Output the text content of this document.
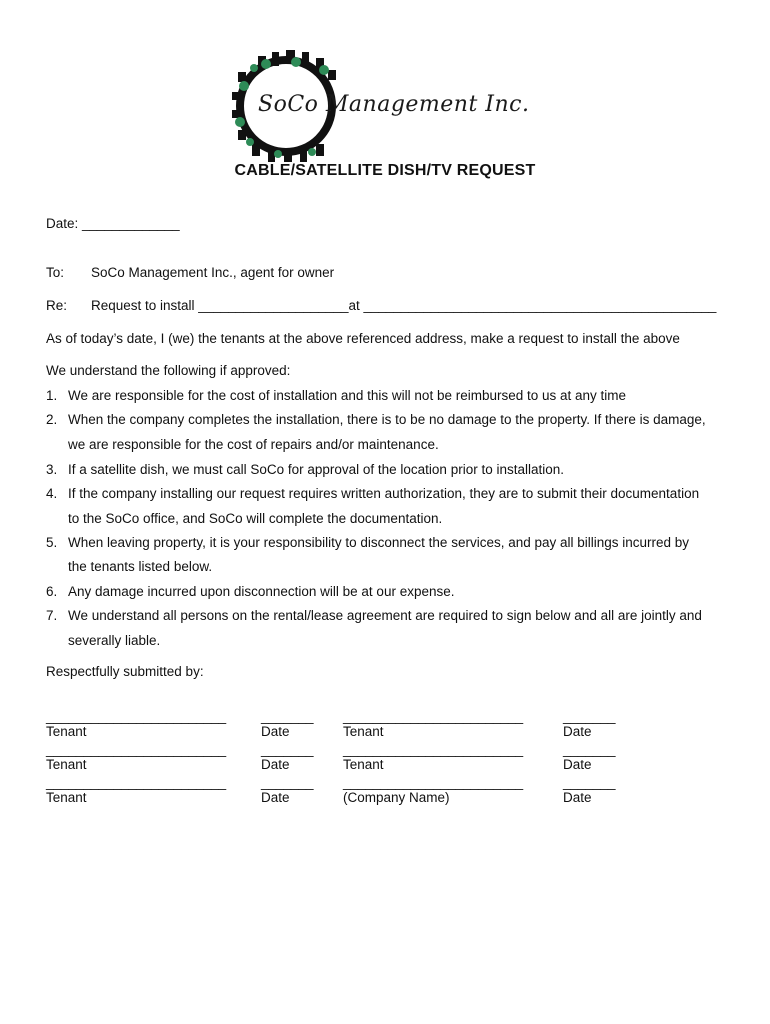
SoCo Management Inc.
CABLE/SATELLITE DISH/TV REQUEST
Date: _____________
To: SoCo Management Inc., agent for owner
Re: Request to install ____________________at _______________________________________________
As of today’s date, I (we) the tenants at the above referenced address, make a request to install the above
We understand the following if approved:
1. We are responsible for the cost of installation and this will not be reimbursed to us at any time
2. When the company completes the installation, there is to be no damage to the property. If there is damage,
we are responsible for the cost of repairs and/or maintenance.
3. If a satellite dish, we must call SoCo for approval of the location prior to installation.
4. If the company installing our request requires written authorization, they are to submit their documentation
to the SoCo office, and SoCo will complete the documentation.
5. When leaving property, it is your responsibility to disconnect the services, and pay all billings incurred by
the tenants listed below.
6. Any damage incurred upon disconnection will be at our expense.
7. We understand all persons on the rental/lease agreement are required to sign below and all are jointly and
severally liable.
Respectfully submitted by:
________________________	_______ ________________________	_______
Tenant	Date	Tenant	Date
________________________	_______ ________________________	_______
Tenant	Date	Tenant	Date
________________________	_______ ________________________	_______
Tenant	Date	(Company Name)	Date
